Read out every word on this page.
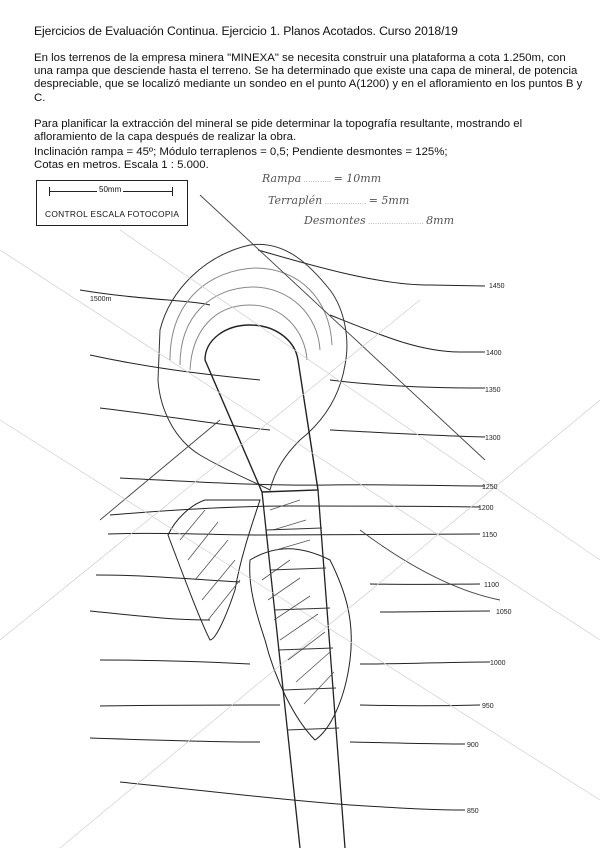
Ejercicios de Evaluación Continua. Ejercicio 1. Planos Acotados. Curso 2018/19
En los terrenos de la empresa minera "MINEXA" se necesita construir una plataforma a cota 1.250m, con una rampa que desciende hasta el terreno. Se ha determinado que existe una capa de mineral, de potencia despreciable, que se localizó mediante un sondeo en el punto A(1200) y en el afloramiento en los puntos B y C.
Para planificar la extracción del mineral se pide determinar la topografía resultante, mostrando el afloramiento de la capa después de realizar la obra.
Inclinación rampa = 45º; Módulo terraplenos = 0,5; Pendiente desmontes = 125%;
Cotas en metros. Escala 1 : 5.000.
50mm
CONTROL ESCALA FOTOCOPIA
Rampa ………… = 10mm
Terraplén ……………… = 5mm
Desmontes …………………… 8mm
1500m
1450
1400
1350
1300
1250
1200
1150
1100
1050
1000
950
900
850
